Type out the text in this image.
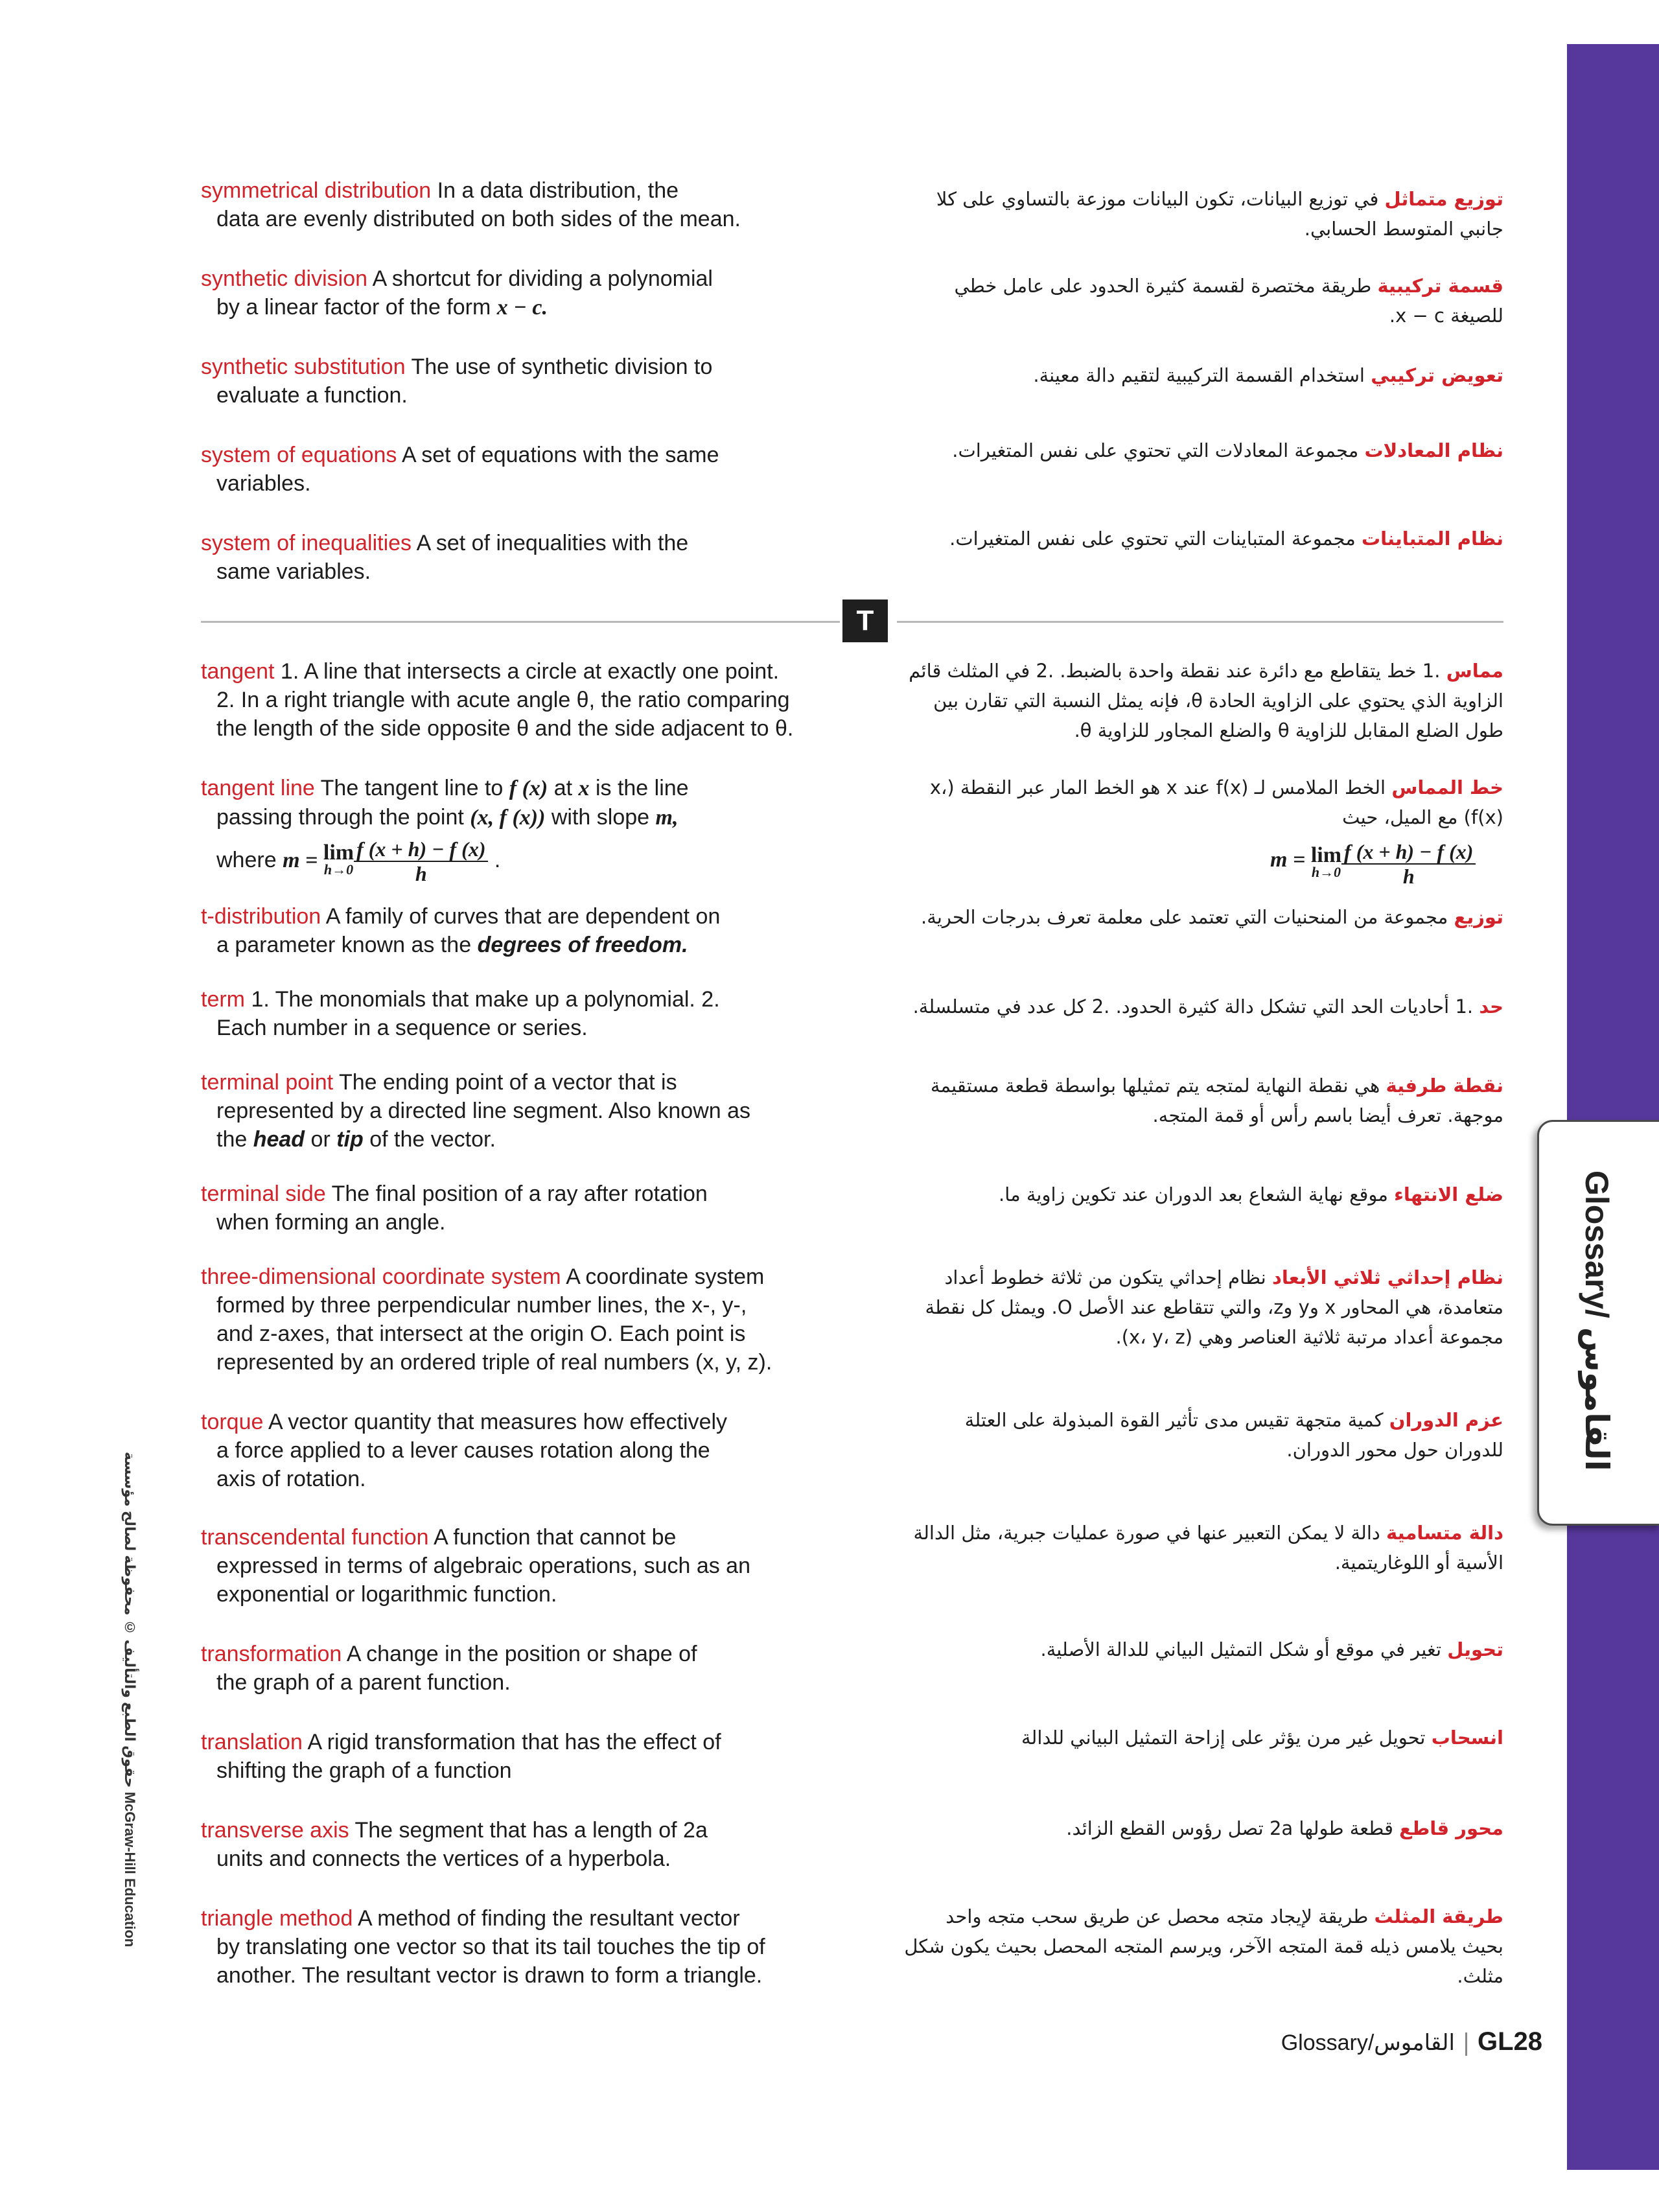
symmetrical distribution In a data distribution, the
data are evenly distributed on both sides of the mean.
توزيع متماثل في توزيع البيانات، تكون البيانات موزعة بالتساوي على كلا جانبي المتوسط الحسابي.
synthetic division A shortcut for dividing a polynomial
by a linear factor of the form x − c.
قسمة تركيبية طريقة مختصرة لقسمة كثيرة الحدود على عامل خطي للصيغة x − c.
synthetic substitution The use of synthetic division to
evaluate a function.
تعويض تركيبي استخدام القسمة التركيبية لتقيم دالة معينة.
system of equations A set of equations with the same
variables.
نظام المعادلات مجموعة المعادلات التي تحتوي على نفس المتغيرات.
system of inequalities A set of inequalities with the
same variables.
نظام المتباينات مجموعة المتباينات التي تحتوي على نفس المتغيرات.
T
tangent 1. A line that intersects a circle at exactly one point.
2. In a right triangle with acute angle θ, the ratio comparing
the length of the side opposite θ and the side adjacent to θ.
مماس .1 خط يتقاطع مع دائرة عند نقطة واحدة بالضبط. .2 في المثلث قائم الزاوية الذي يحتوي على الزاوية الحادة θ، فإنه يمثل النسبة التي تقارن بين طول الضلع المقابل للزاوية θ والضلع المجاور للزاوية θ.
tangent line The tangent line to f (x) at x is the line
passing through the point (x, f (x)) with slope m,
where m = lim
$h\to 0 \frac{f (x + h) - f (x)}{h}$ .
خط المماس الخط الملامس لـ f(x) عند x هو الخط المار عبر النقطة (x، f(x)) مع الميل، حيث
m = lim
$h\to 0 \frac{f (x + h) - f (x)}{h}$
t-distribution A family of curves that are dependent on
a parameter known as the degrees of freedom.
توزيع مجموعة من المنحنيات التي تعتمد على معلمة تعرف بدرجات الحرية.
term 1. The monomials that make up a polynomial. 2.
Each number in a sequence or series.
حد .1 أحاديات الحد التي تشكل دالة كثيرة الحدود. .2 كل عدد في متسلسلة.
terminal point The ending point of a vector that is
represented by a directed line segment. Also known as
the head or tip of the vector.
نقطة طرفية هي نقطة النهاية لمتجه يتم تمثيلها بواسطة قطعة مستقيمة موجهة. تعرف أيضا باسم رأس أو قمة المتجه.
terminal side The final position of a ray after rotation
when forming an angle.
ضلع الانتهاء موقع نهاية الشعاع بعد الدوران عند تكوين زاوية ما.
three-dimensional coordinate system A coordinate system
formed by three perpendicular number lines, the x-, y-,
and z-axes, that intersect at the origin O. Each point is
represented by an ordered triple of real numbers (x, y, z).
نظام إحداثي ثلاثي الأبعاد نظام إحداثي يتكون من ثلاثة خطوط أعداد متعامدة، هي المحاور x وy وz، والتي تتقاطع عند الأصل O. ويمثل كل نقطة مجموعة أعداد مرتبة ثلاثية العناصر وهي (x، y، z).
torque A vector quantity that measures how effectively
a force applied to a lever causes rotation along the
axis of rotation.
عزم الدوران كمية متجهة تقيس مدى تأثير القوة المبذولة على العتلة للدوران حول محور الدوران.
transcendental function A function that cannot be
expressed in terms of algebraic operations, such as an
exponential or logarithmic function.
دالة متسامية دالة لا يمكن التعبير عنها في صورة عمليات جبرية، مثل الدالة الأسية أو اللوغاريتمية.
transformation A change in the position or shape of
the graph of a parent function.
تحويل تغير في موقع أو شكل التمثيل البياني للدالة الأصلية.
translation A rigid transformation that has the effect of
shifting the graph of a function
انسحاب تحويل غير مرن يؤثر على إزاحة التمثيل البياني للدالة
transverse axis The segment that has a length of 2a
units and connects the vertices of a hyperbola.
محور قاطع قطعة طولها 2a تصل رؤوس القطع الزائد.
triangle method A method of finding the resultant vector
by translating one vector so that its tail touches the tip of
another. The resultant vector is drawn to form a triangle.
طريقة المثلث طريقة لإيجاد متجه محصل عن طريق سحب متجه واحد بحيث يلامس ذيله قمة المتجه الآخر، ويرسم المتجه المحصل بحيث يكون شكل مثلث.
Glossary/ القاموس
حقوق الطبع والتأليف © محفوظة لصالح مؤسسة McGraw-Hill Education
Glossary/القاموس GL28
